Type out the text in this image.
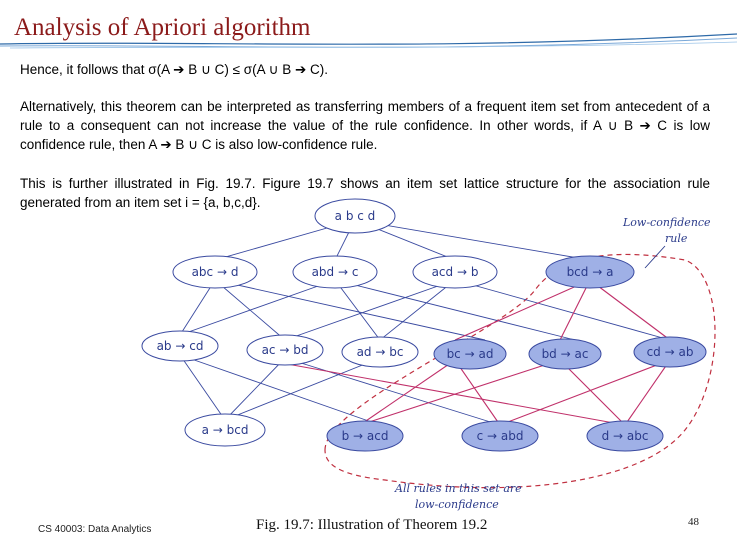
Analysis of Apriori algorithm
Hence, it follows that σ(A ➔ B ∪ C) ≤ σ(A ∪ B ➔ C).
Alternatively, this theorem can be interpreted as transferring members of a frequent item set from antecedent of a rule to a consequent can not increase the value of the rule confidence. In other words, if A ∪ B ➔ C is low confidence rule, then A ➔ B ∪ C is also low-confidence rule.
This is further illustrated in Fig. 19.7. Figure 19.7 shows an item set lattice structure for the association rule generated from an item set i = {a, b,c,d}.
a b c d
abc → d	abd → c	acd → b	bcd → a
ab → cd	ac → bd	ad → bc	bc → ad	bd → ac	cd → ab
a → bcd	b → acd	c → abd	d → abc
Low-confidence
rule
All rules in this set are
low-confidence
CS 40003: Data Analytics	Fig. 19.7: Illustration of Theorem 19.2	48
